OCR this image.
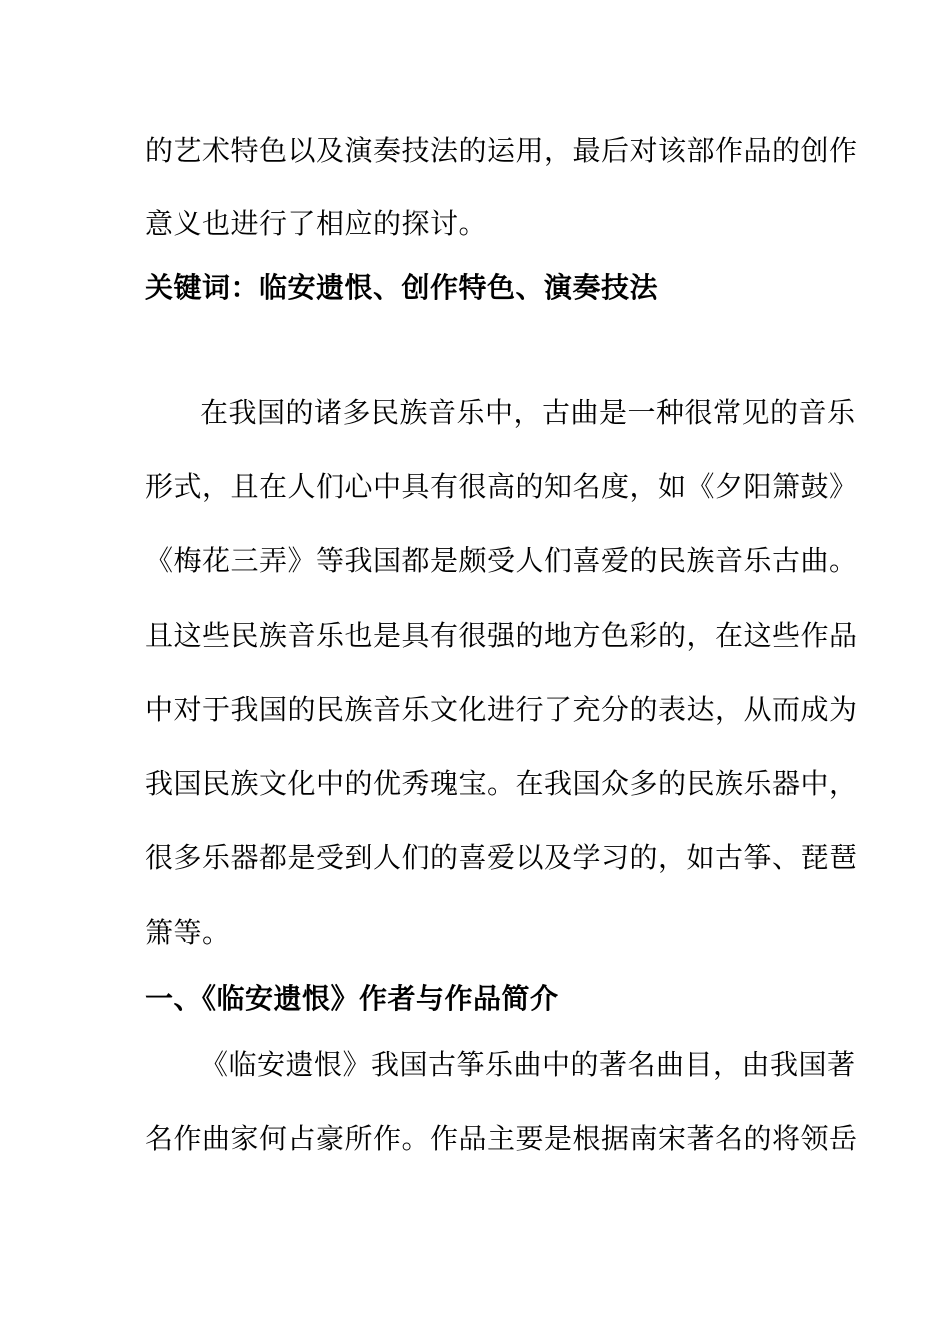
的艺术特色以及演奏技法的运用，最后对该部作品的创作

意义也进行了相应的探讨。

关键词：临安遗恨、创作特色、演奏技法

在我国的诸多民族音乐中，古曲是一种很常见的音乐

形式，且在人们心中具有很高的知名度，如《夕阳箫鼓》

《梅花三弄》等我国都是颇受人们喜爱的民族音乐古曲。

且这些民族音乐也是具有很强的地方色彩的，在这些作品

中对于我国的民族音乐文化进行了充分的表达，从而成为

我国民族文化中的优秀瑰宝。在我国众多的民族乐器中，

很多乐器都是受到人们的喜爱以及学习的，如古筝、琵琶

箫等。

一、《临安遗恨》作者与作品简介

《临安遗恨》我国古筝乐曲中的著名曲目，由我国著

名作曲家何占豪所作。作品主要是根据南宋著名的将领岳
